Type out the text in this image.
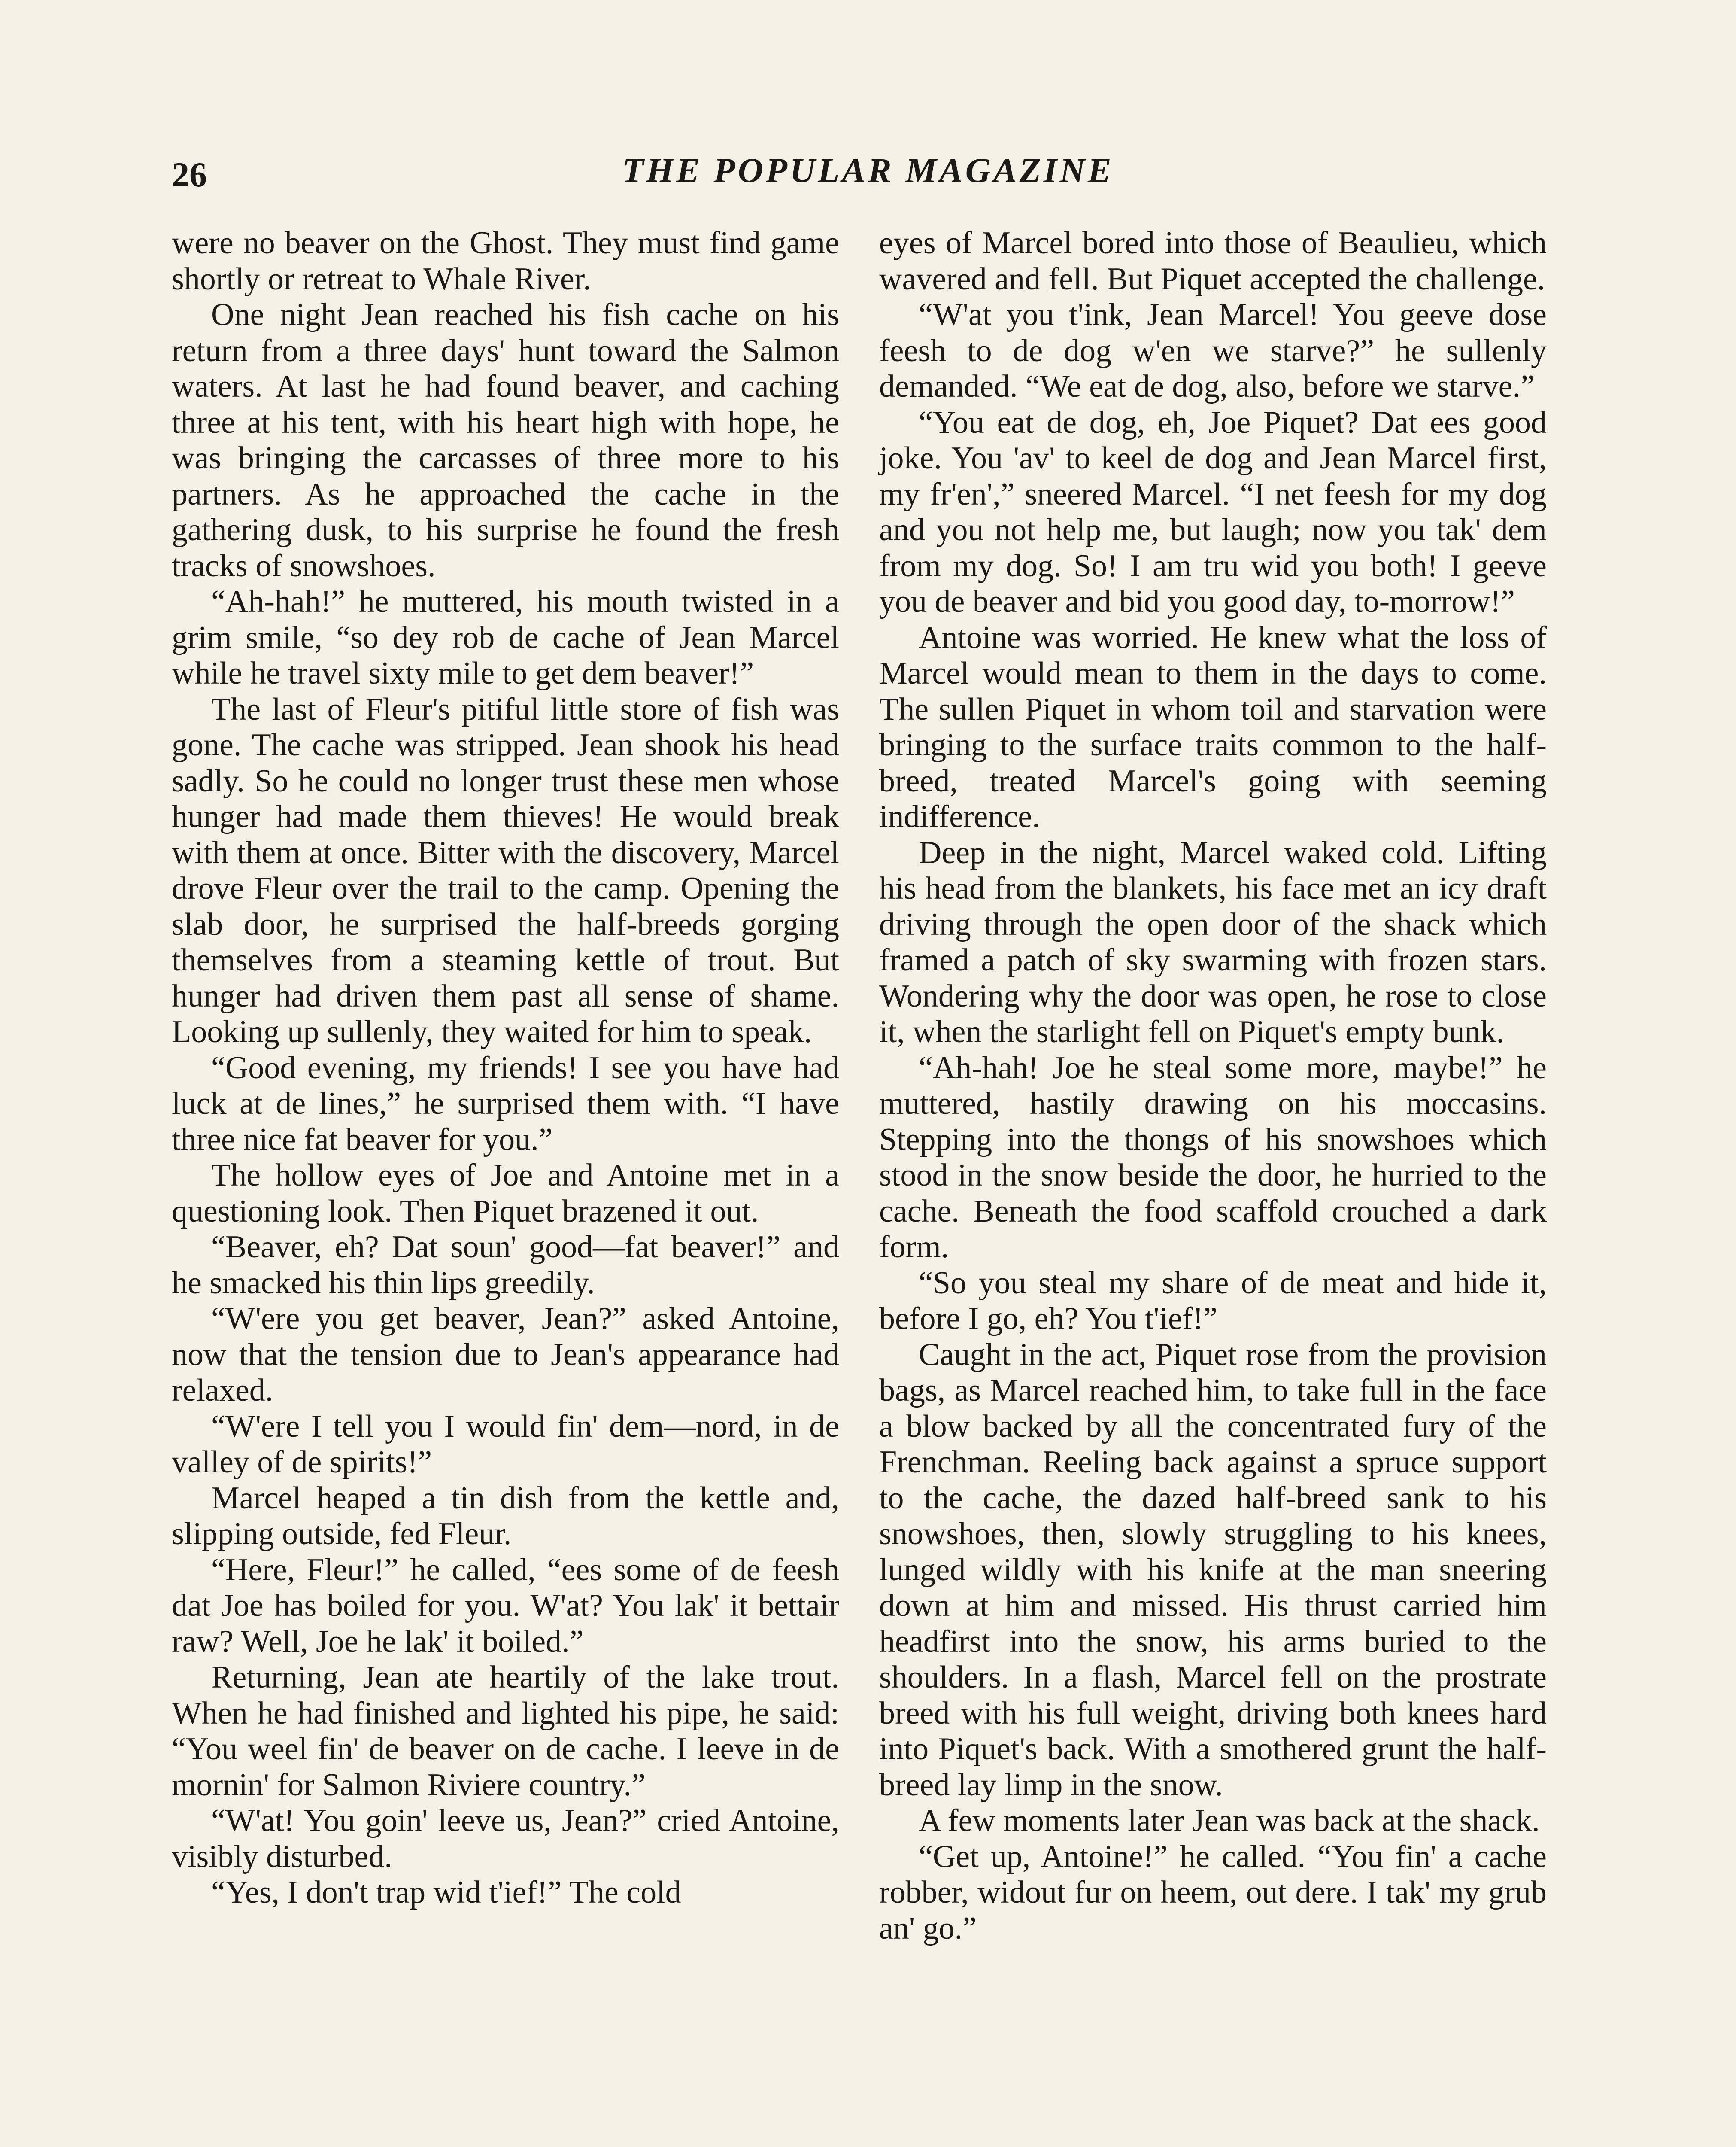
26	THE POPULAR MAGAZINE

were no beaver on the Ghost. They must find game shortly or retreat to Whale River.

One night Jean reached his fish cache on his return from a three days' hunt toward the Salmon waters. At last he had found beaver, and caching three at his tent, with his heart high with hope, he was bringing the carcasses of three more to his partners. As he approached the cache in the gathering dusk, to his surprise he found the fresh tracks of snowshoes.

“Ah-hah!” he muttered, his mouth twisted in a grim smile, “so dey rob de cache of Jean Marcel while he travel sixty mile to get dem beaver!”

The last of Fleur's pitiful little store of fish was gone. The cache was stripped. Jean shook his head sadly. So he could no longer trust these men whose hunger had made them thieves! He would break with them at once. Bitter with the discovery, Marcel drove Fleur over the trail to the camp. Opening the slab door, he surprised the half-breeds gorging themselves from a steaming kettle of trout. But hunger had driven them past all sense of shame. Looking up sullenly, they waited for him to speak.

“Good evening, my friends! I see you have had luck at de lines,” he surprised them with. “I have three nice fat beaver for you.”

The hollow eyes of Joe and Antoine met in a questioning look. Then Piquet brazened it out.

“Beaver, eh? Dat soun' good—fat beaver!” and he smacked his thin lips greedily.

“W'ere you get beaver, Jean?” asked Antoine, now that the tension due to Jean's appearance had relaxed.

“W'ere I tell you I would fin' dem—nord, in de valley of de spirits!”

Marcel heaped a tin dish from the kettle and, slipping outside, fed Fleur.

“Here, Fleur!” he called, “ees some of de feesh dat Joe has boiled for you. W'at? You lak' it bettair raw? Well, Joe he lak' it boiled.”

Returning, Jean ate heartily of the lake trout. When he had finished and lighted his pipe, he said: “You weel fin' de beaver on de cache. I leeve in de mornin' for Salmon Riviere country.”

“W'at! You goin' leeve us, Jean?” cried Antoine, visibly disturbed.

“Yes, I don't trap wid t'ief!” The cold

eyes of Marcel bored into those of Beaulieu, which wavered and fell. But Piquet accepted the challenge.

“W'at you t'ink, Jean Marcel! You geeve dose feesh to de dog w'en we starve?” he sullenly demanded. “We eat de dog, also, before we starve.”

“You eat de dog, eh, Joe Piquet? Dat ees good joke. You 'av' to keel de dog and Jean Marcel first, my fr'en',” sneered Marcel. “I net feesh for my dog and you not help me, but laugh; now you tak' dem from my dog. So! I am tru wid you both! I geeve you de beaver and bid you good day, to-morrow!”

Antoine was worried. He knew what the loss of Marcel would mean to them in the days to come. The sullen Piquet in whom toil and starvation were bringing to the surface traits common to the half-breed, treated Marcel's going with seeming indifference.

Deep in the night, Marcel waked cold. Lifting his head from the blankets, his face met an icy draft driving through the open door of the shack which framed a patch of sky swarming with frozen stars. Wondering why the door was open, he rose to close it, when the starlight fell on Piquet's empty bunk.

“Ah-hah! Joe he steal some more, maybe!” he muttered, hastily drawing on his moccasins. Stepping into the thongs of his snowshoes which stood in the snow beside the door, he hurried to the cache. Beneath the food scaffold crouched a dark form.

“So you steal my share of de meat and hide it, before I go, eh? You t'ief!”

Caught in the act, Piquet rose from the provision bags, as Marcel reached him, to take full in the face a blow backed by all the concentrated fury of the Frenchman. Reeling back against a spruce support to the cache, the dazed half-breed sank to his snowshoes, then, slowly struggling to his knees, lunged wildly with his knife at the man sneering down at him and missed. His thrust carried him headfirst into the snow, his arms buried to the shoulders. In a flash, Marcel fell on the prostrate breed with his full weight, driving both knees hard into Piquet's back. With a smothered grunt the half-breed lay limp in the snow.

A few moments later Jean was back at the shack.

“Get up, Antoine!” he called. “You fin' a cache robber, widout fur on heem, out dere. I tak' my grub an' go.”
